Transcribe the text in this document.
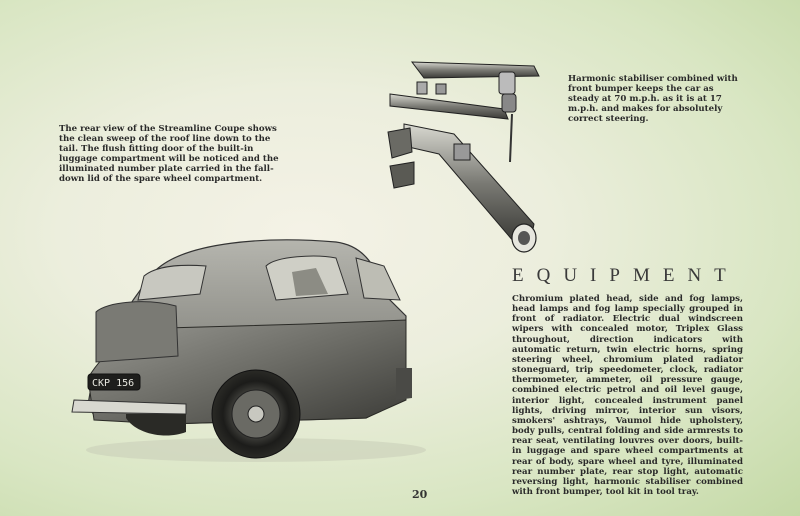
The rear view of the Streamline Coupe shows the clean sweep of the roof line down to the tail. The flush fitting door of the built-in luggage compartment will be noticed and the illuminated number plate carried in the fall-down lid of the spare wheel compartment.
Harmonic stabiliser combined with front bumper keeps the car as steady at 70 m.p.h. as it is at 17 m.p.h. and makes for absolutely correct steering.
EQUIPMENT
Chromium plated head, side and fog lamps, head lamps and fog lamp specially grouped in front of radiator. Electric dual windscreen wipers with concealed motor, Triplex Glass throughout, direction indicators with automatic return, twin electric horns, spring steering wheel, chromium plated radiator stoneguard, trip speedometer, clock, radiator thermometer, ammeter, oil pressure gauge, combined electric petrol and oil level gauge, interior light, concealed instrument panel lights, driving mirror, interior sun visors, smokers' ashtrays, Vaumol hide upholstery, body pulls, central folding and side armrests to rear seat, ventilating louvres over doors, built-in luggage and spare wheel compartments at rear of body, spare wheel and tyre, illuminated rear number plate, rear stop light, automatic reversing light, harmonic stabiliser combined with front bumper, tool kit in tool tray.
CKP 156
20
